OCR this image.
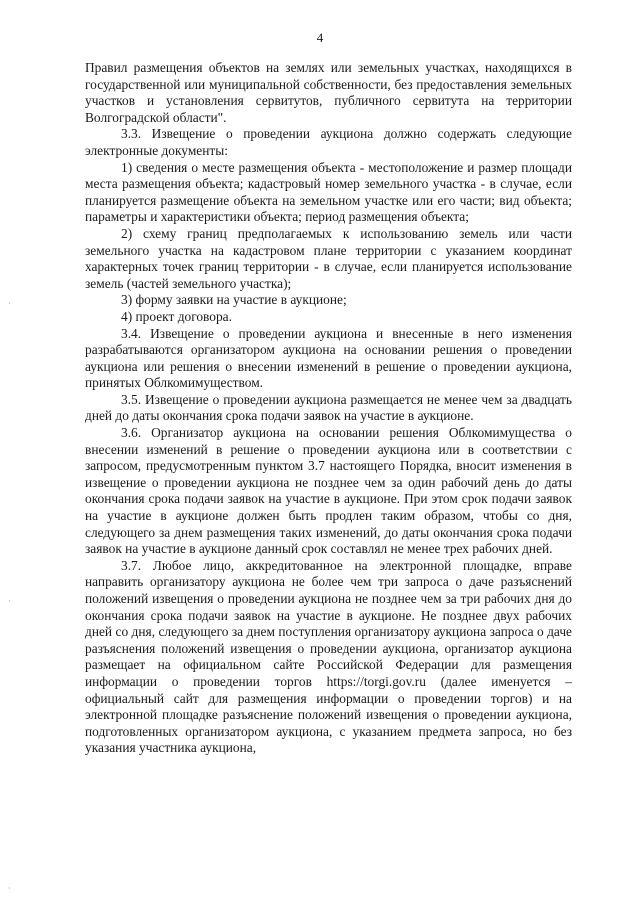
4

Правил размещения объектов на землях или земельных участках, находящихся в государственной или муниципальной собственности, без предоставления земельных участков и установления сервитутов, публичного сервитута на территории Волгоградской области".

3.3. Извещение о проведении аукциона должно содержать следующие электронные документы:

1) сведения о месте размещения объекта - местоположение и размер площади места размещения объекта; кадастровый номер земельного участка - в случае, если планируется размещение объекта на земельном участке или его части; вид объекта; параметры и характеристики объекта; период размещения объекта;

2) схему границ предполагаемых к использованию земель или части земельного участка на кадастровом плане территории с указанием координат характерных точек границ территории - в случае, если планируется использование земель (частей земельного участка);

3) форму заявки на участие в аукционе;

4) проект договора.

3.4. Извещение о проведении аукциона и внесенные в него изменения разрабатываются организатором аукциона на основании решения о проведении аукциона или решения о внесении изменений в решение о проведении аукциона, принятых Облкомимуществом.

3.5. Извещение о проведении аукциона размещается не менее чем за двадцать дней до даты окончания срока подачи заявок на участие в аукционе.

3.6. Организатор аукциона на основании решения Облкомимущества о внесении изменений в решение о проведении аукциона или в соответствии с запросом, предусмотренным пунктом 3.7 настоящего Порядка, вносит изменения в извещение о проведении аукциона не позднее чем за один рабочий день до даты окончания срока подачи заявок на участие в аукционе. При этом срок подачи заявок на участие в аукционе должен быть продлен таким образом, чтобы со дня, следующего за днем размещения таких изменений, до даты окончания срока подачи заявок на участие в аукционе данный срок составлял не менее трех рабочих дней.

3.7. Любое лицо, аккредитованное на электронной площадке, вправе направить организатору аукциона не более чем три запроса о даче разъяснений положений извещения о проведении аукциона не позднее чем за три рабочих дня до окончания срока подачи заявок на участие в аукционе. Не позднее двух рабочих дней со дня, следующего за днем поступления организатору аукциона запроса о даче разъяснения положений извещения о проведении аукциона, организатор аукциона размещает на официальном сайте Российской Федерации для размещения информации о проведении торгов https://torgi.gov.ru (далее именуется – официальный сайт для размещения информации о проведении торгов) и на электронной площадке разъяснение положений извещения о проведении аукциона, подготовленных организатором аукциона, с указанием предмета запроса, но без указания участника аукциона,

·
·
·
